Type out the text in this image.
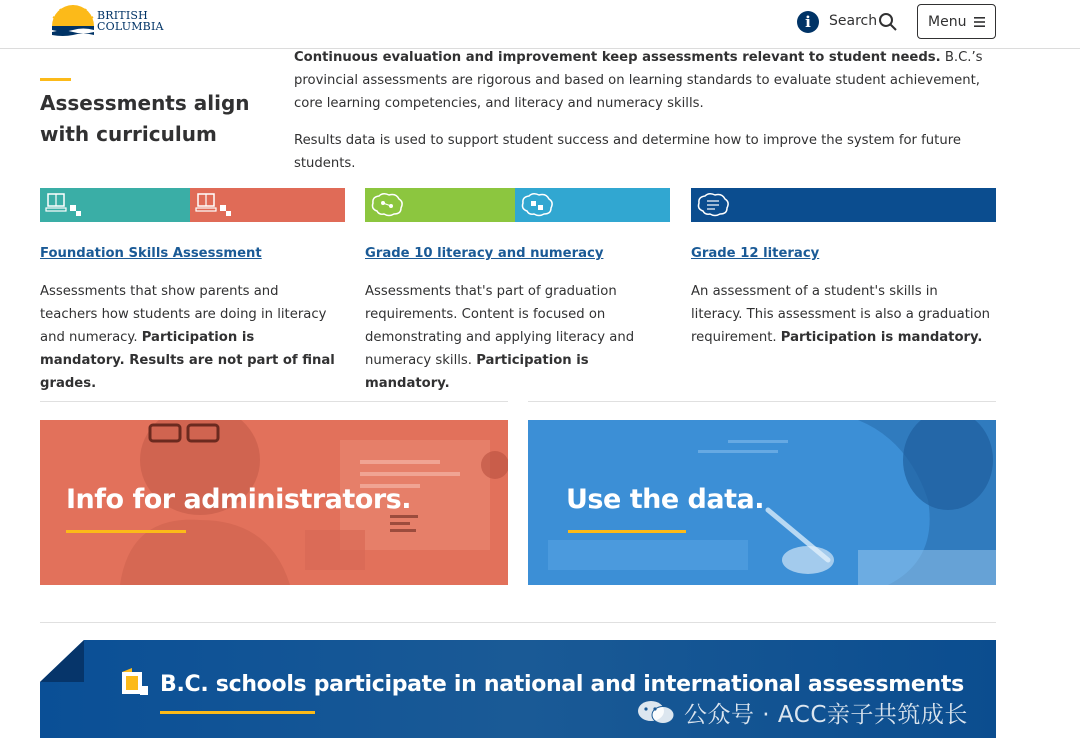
BRITISH
COLUMBIA	i	Search	Menu
Assessments align with curriculum

Continuous evaluation and improvement keep assessments relevant to student needs. B.C.’s provincial assessments are rigorous and based on learning standards to evaluate student achievement, core learning competencies, and literacy and numeracy skills.

Results data is used to support student success and determine how to improve the system for future students.

Foundation Skills Assessment

Assessments that show parents and teachers how students are doing in literacy and numeracy. Participation is mandatory. Results are not part of final grades.

Grade 10 literacy and numeracy

Assessments that's part of graduation requirements. Content is focused on demonstrating and applying literacy and numeracy skills. Participation is mandatory.

Grade 12 literacy

An assessment of a student's skills in literacy. This assessment is also a graduation requirement. Participation is mandatory.

Info for administrators.	Use the data.
B.C. schools participate in national and international assessments
公众号 · ACC亲子共筑成长
